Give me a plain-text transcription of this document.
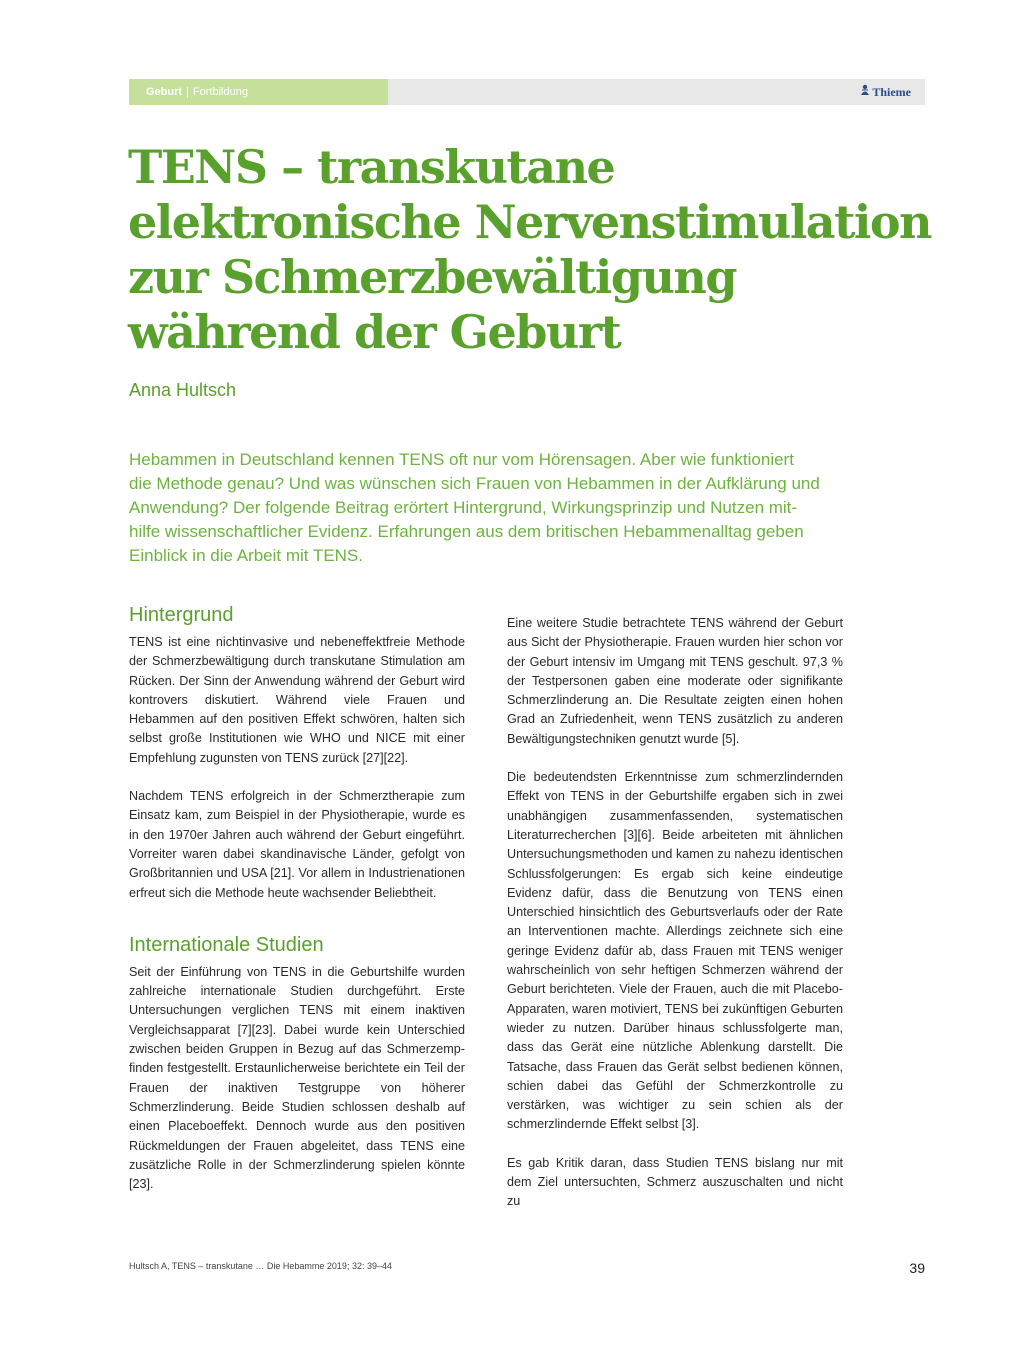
Geburt | Fortbildung	Thieme
TENS – transkutane
elektronische Nervenstimulation
zur Schmerzbewältigung
während der Geburt
Anna Hultsch
Hebammen in Deutschland kennen TENS oft nur vom Hörensagen. Aber wie funktioniert
die Methode genau? Und was wünschen sich Frauen von Hebammen in der Aufklärung und
Anwendung? Der folgende Beitrag erörtert Hintergrund, Wirkungsprinzip und Nutzen mit-
hilfe wissenschaftlicher Evidenz. Erfahrungen aus dem britischen Hebammenalltag geben
Einblick in die Arbeit mit TENS.
Hintergrund

TENS ist eine nichtinvasive und nebeneffektfreie Methode der Schmerzbewältigung durch transkutane Stimulation am Rücken. Der Sinn der Anwendung während der Geburt wird kontrovers diskutiert. Während viele Frauen und Hebammen auf den positiven Effekt schwören, halten sich selbst große Institutionen wie WHO und NICE mit einer Empfehlung zugunsten von TENS zurück [27][22].

Nachdem TENS erfolgreich in der Schmerztherapie zum Einsatz kam, zum Beispiel in der Physiotherapie, wurde es in den 1970er Jahren auch während der Geburt eingeführt. Vorreiter waren dabei skandinavische Länder, gefolgt von Großbritannien und USA [21]. Vor allem in Industrienationen erfreut sich die Methode heute wachsender Beliebtheit.

Internationale Studien

Seit der Einführung von TENS in die Geburtshilfe wurden zahlreiche internationale Studien durchgeführt. Erste Untersuchungen verglichen TENS mit einem inaktiven Vergleichsapparat [7][23]. Dabei wurde kein Unterschied zwischen beiden Gruppen in Bezug auf das Schmerzempfinden festgestellt. Erstaunlicherweise berichtete ein Teil der Frauen der inaktiven Testgruppe von höherer Schmerzlinderung. Beide Studien schlossen deshalb auf einen Placeboeffekt. Dennoch wurde aus den positiven Rückmeldungen der Frauen abgeleitet, dass TENS eine zusätzliche Rolle in der Schmerzlinderung spielen könnte [23].

Eine weitere Studie betrachtete TENS während der Geburt aus Sicht der Physiotherapie. Frauen wurden hier schon vor der Geburt intensiv im Umgang mit TENS geschult. 97,3 % der Testpersonen gaben eine moderate oder signifikante Schmerzlinderung an. Die Resultate zeigten einen hohen Grad an Zufriedenheit, wenn TENS zusätzlich zu anderen Bewältigungstechniken genutzt wurde [5].

Die bedeutendsten Erkenntnisse zum schmerzlindernden Effekt von TENS in der Geburtshilfe ergaben sich in zwei unabhängigen zusammenfassenden, systematischen Literaturrecherchen [3][6]. Beide arbeiteten mit ähnlichen Untersuchungsmethoden und kamen zu nahezu identischen Schlussfolgerungen: Es ergab sich keine eindeutige Evidenz dafür, dass die Benutzung von TENS einen Unterschied hinsichtlich des Geburtsverlaufs oder der Rate an Interventionen machte. Allerdings zeichnete sich eine geringe Evidenz dafür ab, dass Frauen mit TENS weniger wahrscheinlich von sehr heftigen Schmerzen während der Geburt berichteten. Viele der Frauen, auch die mit Placebo-Apparaten, waren motiviert, TENS bei zukünftigen Geburten wieder zu nutzen. Darüber hinaus schlussfolgerte man, dass das Gerät eine nützliche Ablenkung darstellt. Die Tatsache, dass Frauen das Gerät selbst bedienen können, schien dabei das Gefühl der Schmerzkontrolle zu verstärken, was wichtiger zu sein schien als der schmerzlindernde Effekt selbst [3].

Es gab Kritik daran, dass Studien TENS bislang nur mit dem Ziel untersuchten, Schmerz auszuschalten und nicht zu

Hultsch A, TENS – transkutane … Die Hebamme 2019; 32: 39–44	39
